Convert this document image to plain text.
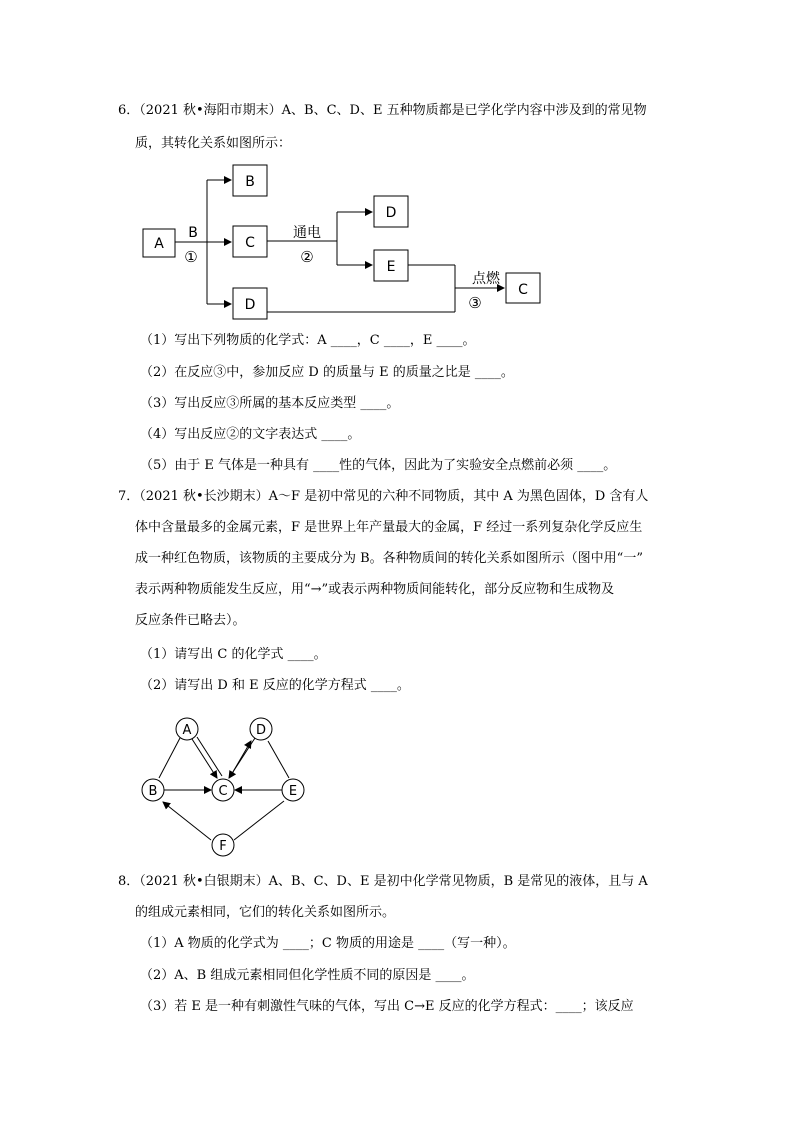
6．（2021 秋•海阳市期末）A、B、C、D、E 五种物质都是已学化学内容中涉及到的常见物
质，其转化关系如图所示：
A
B
C
D
D
E
C
B
①
通电
②
点燃
③
（1）写出下列物质的化学式：A ____，C ____，E ____。
（2）在反应③中，参加反应 D 的质量与 E 的质量之比是 ____。
（3）写出反应③所属的基本反应类型 ____。
（4）写出反应②的文字表达式 ____。
（5）由于 E 气体是一种具有 ____性的气体，因此为了实验安全点燃前必须 ____。
7．（2021 秋•长沙期末）A～F 是初中常见的六种不同物质，其中 A 为黑色固体，D 含有人
体中含量最多的金属元素，F 是世界上年产量最大的金属，F 经过一系列复杂化学反应生
成一种红色物质，该物质的主要成分为 B。各种物质间的转化关系如图所示（图中用“一”
表示两种物质能发生反应，用“→”或表示两种物质间能转化，部分反应物和生成物及
反应条件已略去）。
（1）请写出 C 的化学式 ____。
（2）请写出 D 和 E 反应的化学方程式 ____。
A	D
B	C	E
F
8．（2021 秋•白银期末）A、B、C、D、E 是初中化学常见物质，B 是常见的液体，且与 A
的组成元素相同，它们的转化关系如图所示。
（1）A 物质的化学式为 ____；C 物质的用途是 ____（写一种）。
（2）A、B 组成元素相同但化学性质不同的原因是 ____。
（3）若 E 是一种有刺激性气味的气体，写出 C→E 反应的化学方程式：____；该反应
